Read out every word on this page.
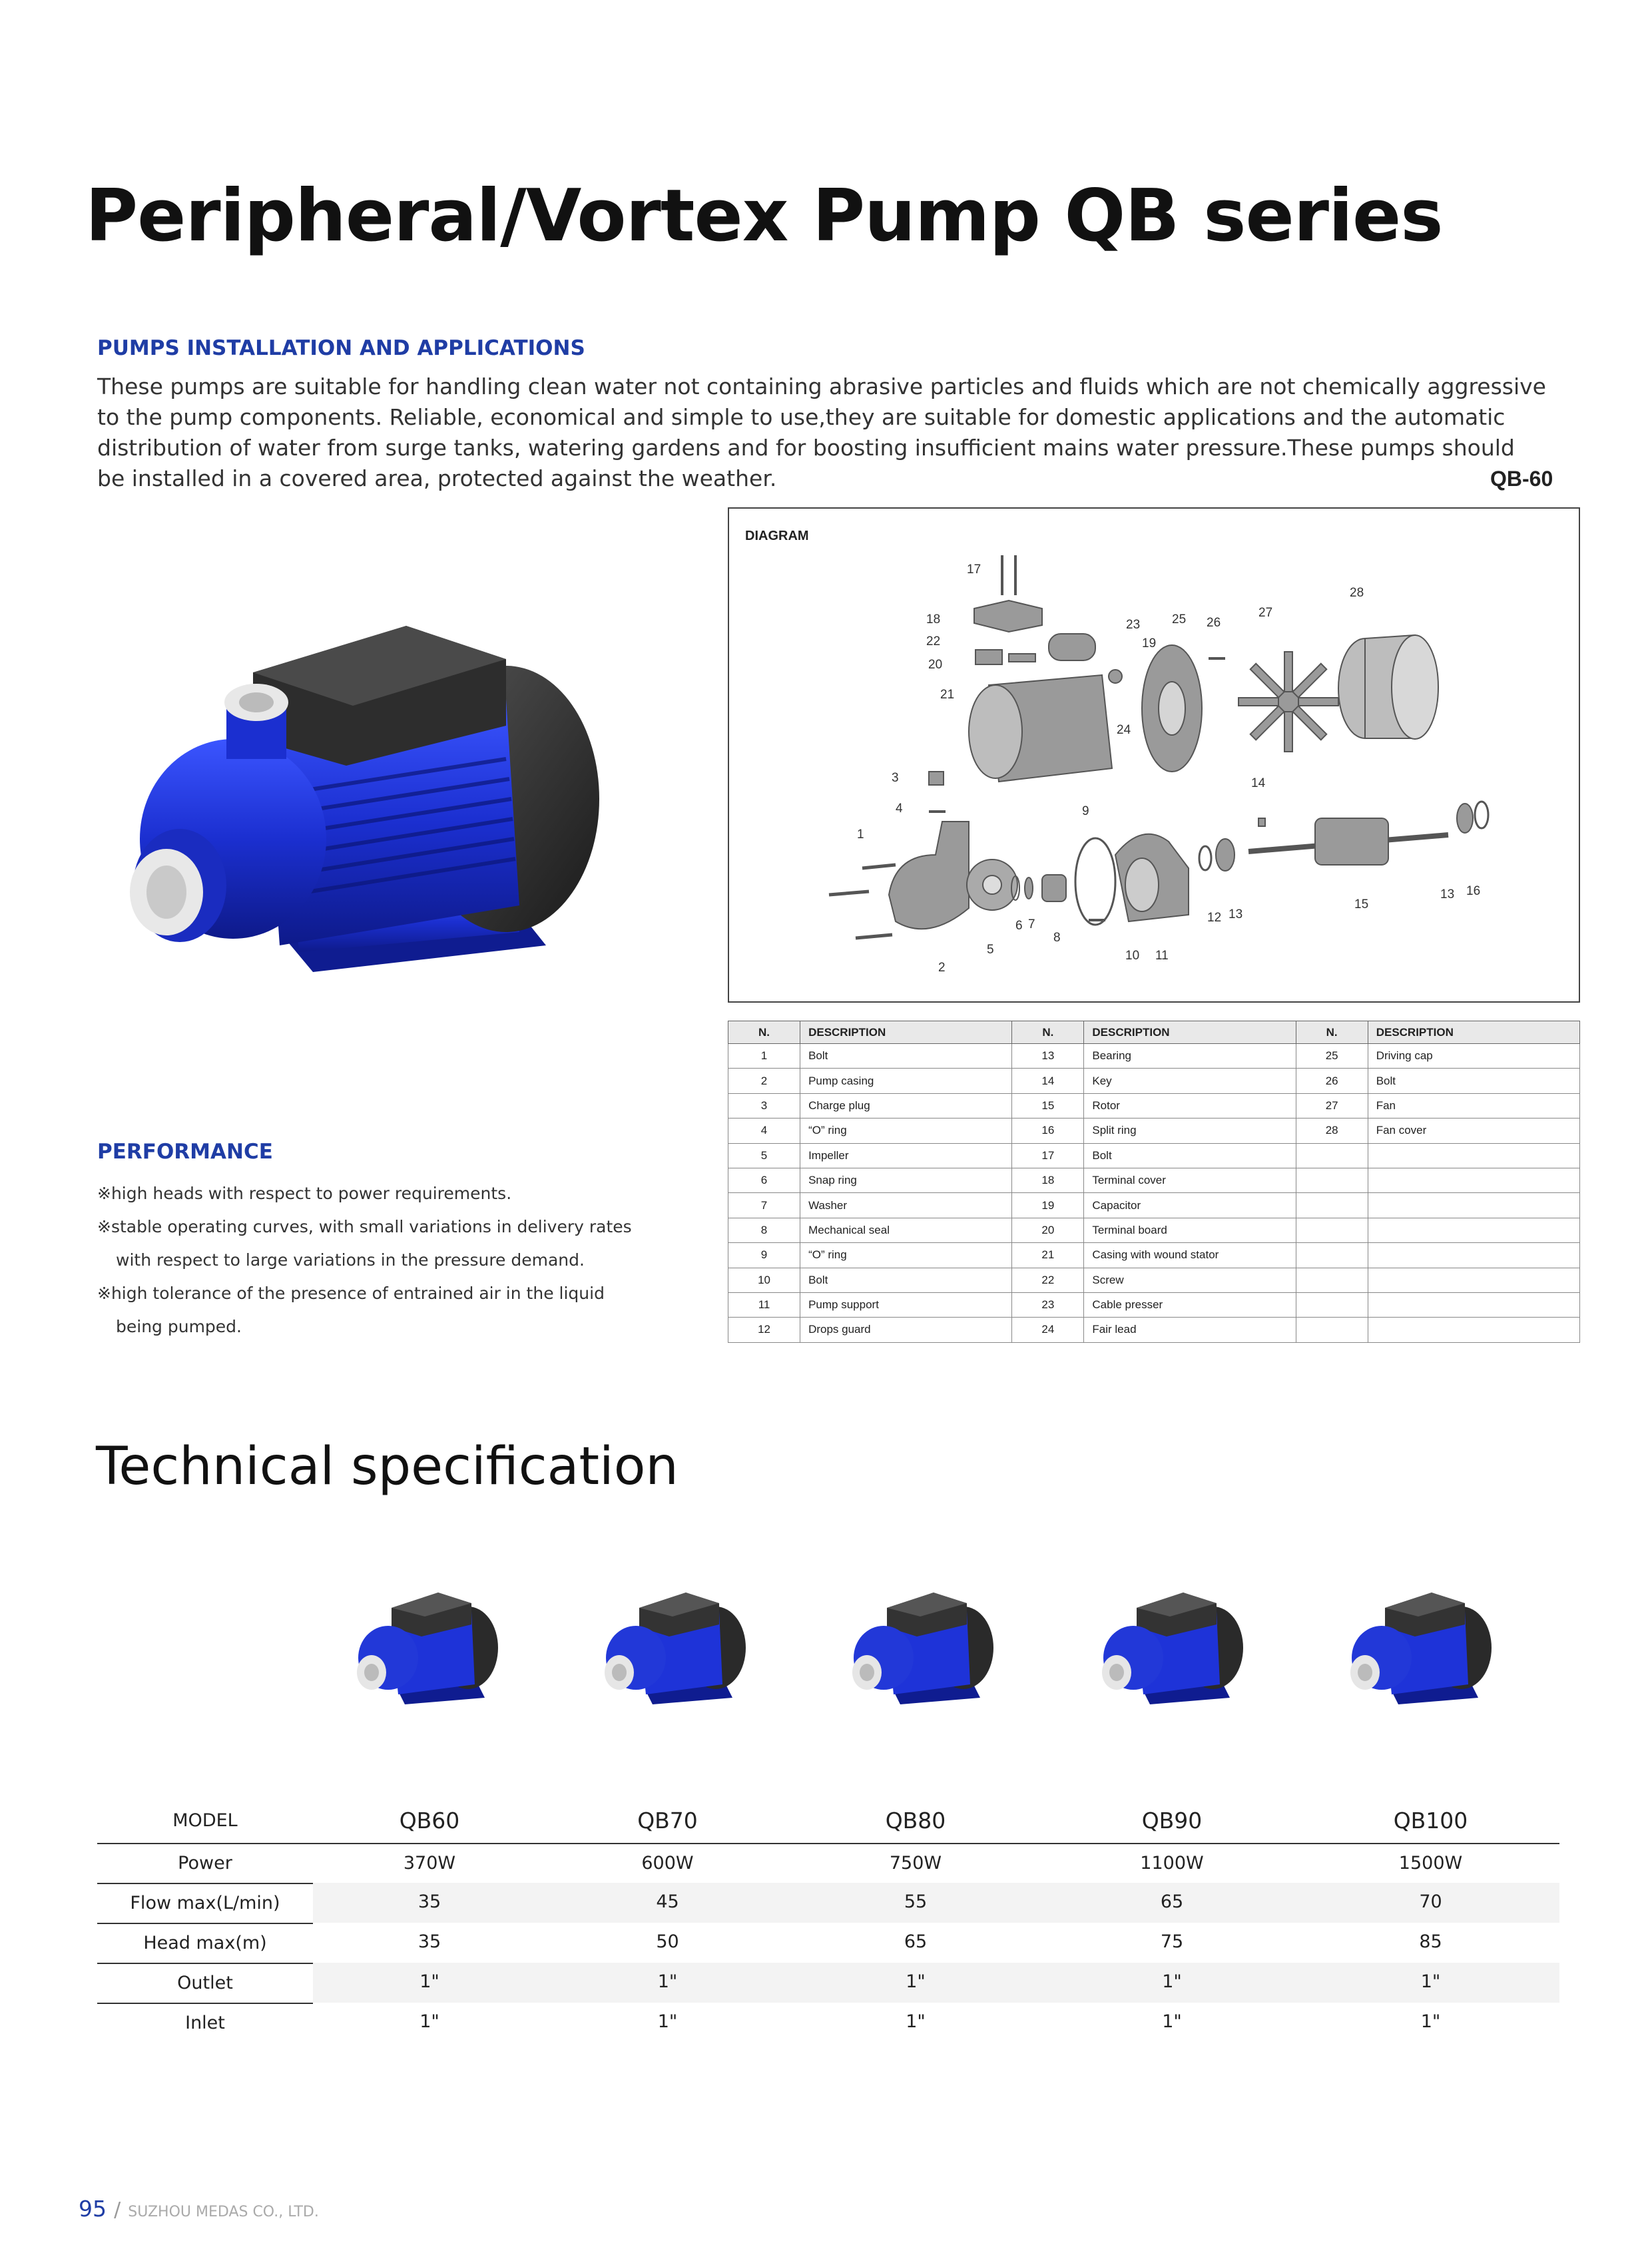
Peripheral/Vortex Pump QB series
PUMPS INSTALLATION AND APPLICATIONS
These pumps are suitable for handling clean water not containing abrasive particles and fluids which are not chemically aggressive to the pump components. Reliable, economical and simple to use,they are suitable for domestic applications and the automatic distribution of water from surge tanks, watering gardens and for boosting insufficient mains water pressure.These pumps should be installed in a covered area, protected against the weather.	QB-60
DIAGRAM
17
18
22
20
21
23
19
25 26
27
28
24
14
3
4
1
9
2
5
6 7
8
10 11
12 13
15
13 16
N.	DESCRIPTION	N.	DESCRIPTION	N.	DESCRIPTION
1	Bolt	13	Bearing	25	Driving cap
2	Pump casing	14	Key	26	Bolt
3	Charge plug	15	Rotor	27	Fan
4	“O” ring	16	Split ring	28	Fan cover
5	Impeller	17	Bolt		
6	Snap ring	18	Terminal cover		
7	Washer	19	Capacitor		
8	Mechanical seal	20	Terminal board		
9	“O” ring	21	Casing with wound stator		
10	Bolt	22	Screw		
11	Pump support	23	Cable presser		
12	Drops guard	24	Fair lead		
PERFORMANCE
※high heads with respect to power requirements.
※stable operating curves, with small variations in delivery rates
with respect to large variations in the pressure demand.
※high tolerance of the presence of entrained air in the liquid
being pumped.
Technical specification
MODEL	QB60	QB70	QB80	QB90	QB100
Power	370W	600W	750W	1100W	1500W
Flow max(L/min)	35	45	55	65	70
Head max(m)	35	50	65	75	85
Outlet	1"	1"	1"	1"	1"
Inlet	1"	1"	1"	1"	1"
95 / SUZHOU MEDAS CO., LTD.
